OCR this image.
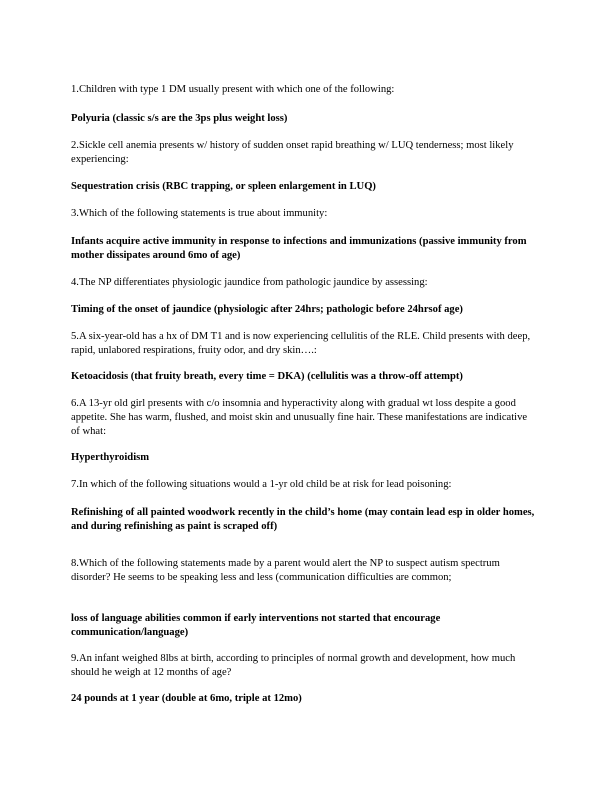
1.Children with type 1 DM usually present with which one of the following:

Polyuria (classic s/s are the 3ps plus weight loss)

2.Sickle cell anemia presents w/ history of sudden onset rapid breathing w/ LUQ tenderness; most likely experiencing:

Sequestration crisis (RBC trapping, or spleen enlargement in LUQ)

3.Which of the following statements is true about immunity:

Infants acquire active immunity in response to infections and immunizations (passive immunity from mother dissipates around 6mo of age)

4.The NP differentiates physiologic jaundice from pathologic jaundice by assessing:

Timing of the onset of jaundice (physiologic after 24hrs; pathologic before 24hrsof age)

5.A six-year-old has a hx of DM T1 and is now experiencing cellulitis of the RLE. Child presents with deep, rapid, unlabored respirations, fruity odor, and dry skin….:

Ketoacidosis (that fruity breath, every time = DKA) (cellulitis was a throw-off attempt)

6.A 13-yr old girl presents with c/o insomnia and hyperactivity along with gradual wt loss despite a good appetite. She has warm, flushed, and moist skin and unusually fine hair. These manifestations are indicative of what:

Hyperthyroidism

7.In which of the following situations would a 1-yr old child be at risk for lead poisoning:

Refinishing of all painted woodwork recently in the child’s home (may contain lead esp in older homes, and during refinishing as paint is scraped off)

8.Which of the following statements made by a parent would alert the NP to suspect autism spectrum disorder? He seems to be speaking less and less (communication difficulties are common;

loss of language abilities common if early interventions not started that encourage communication/language)

9.An infant weighed 8lbs at birth, according to principles of normal growth and development, how much should he weigh at 12 months of age?

24 pounds at 1 year (double at 6mo, triple at 12mo)
